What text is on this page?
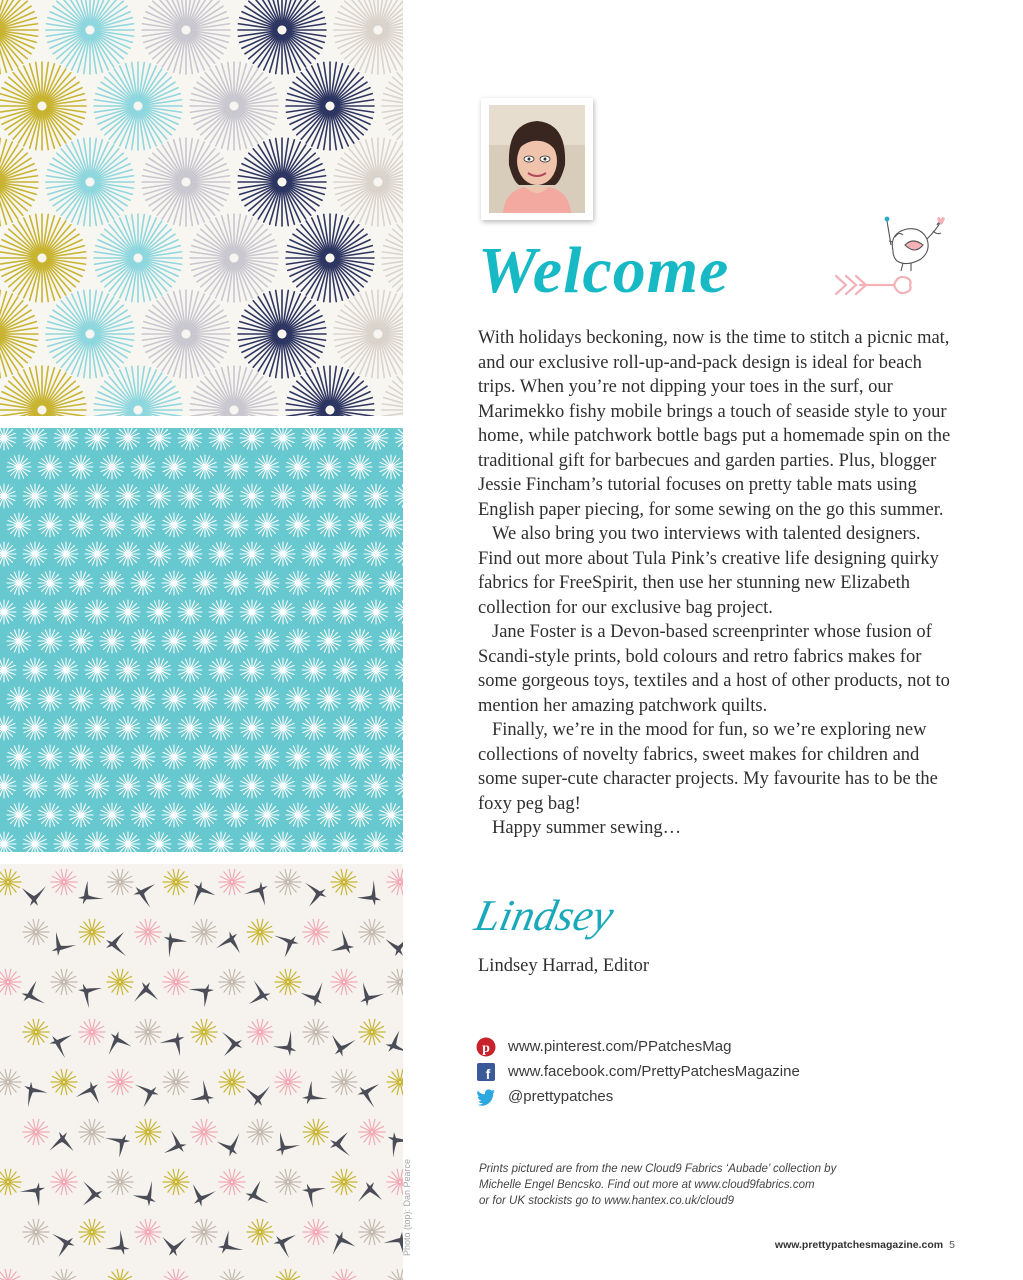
Photo (top): Dan Pearce
Welcome

With holidays beckoning, now is the time to stitch a picnic mat, and our exclusive roll-up-and-pack design is ideal for beach trips. When you’re not dipping your toes in the surf, our Marimekko fishy mobile brings a touch of seaside style to your home, while patchwork bottle bags put a homemade spin on the traditional gift for barbecues and garden parties. Plus, blogger Jessie Fincham’s tutorial focuses on pretty table mats using English paper piecing, for some sewing on the go this summer.

We also bring you two interviews with talented designers. Find out more about Tula Pink’s creative life designing quirky fabrics for FreeSpirit, then use her stunning new Elizabeth collection for our exclusive bag project.

Jane Foster is a Devon-based screenprinter whose fusion of Scandi-style prints, bold colours and retro fabrics makes for some gorgeous toys, textiles and a host of other products, not to mention her amazing patchwork quilts.

Finally, we’re in the mood for fun, so we’re exploring new collections of novelty fabrics, sweet makes for children and some super-cute character projects. My favourite has to be the foxy peg bag!

Happy summer sewing…

Lindsey
Lindsey Harrad, Editor
p www.pinterest.com/PPatchesMag
f www.facebook.com/PrettyPatchesMagazine
@prettypatches
Prints pictured are from the new Cloud9 Fabrics ‘Aubade’ collection by
Michelle Engel Bencsko. Find out more at www.cloud9fabrics.com
or for UK stockists go to www.hantex.co.uk/cloud9
www.prettypatchesmagazine.com 5
